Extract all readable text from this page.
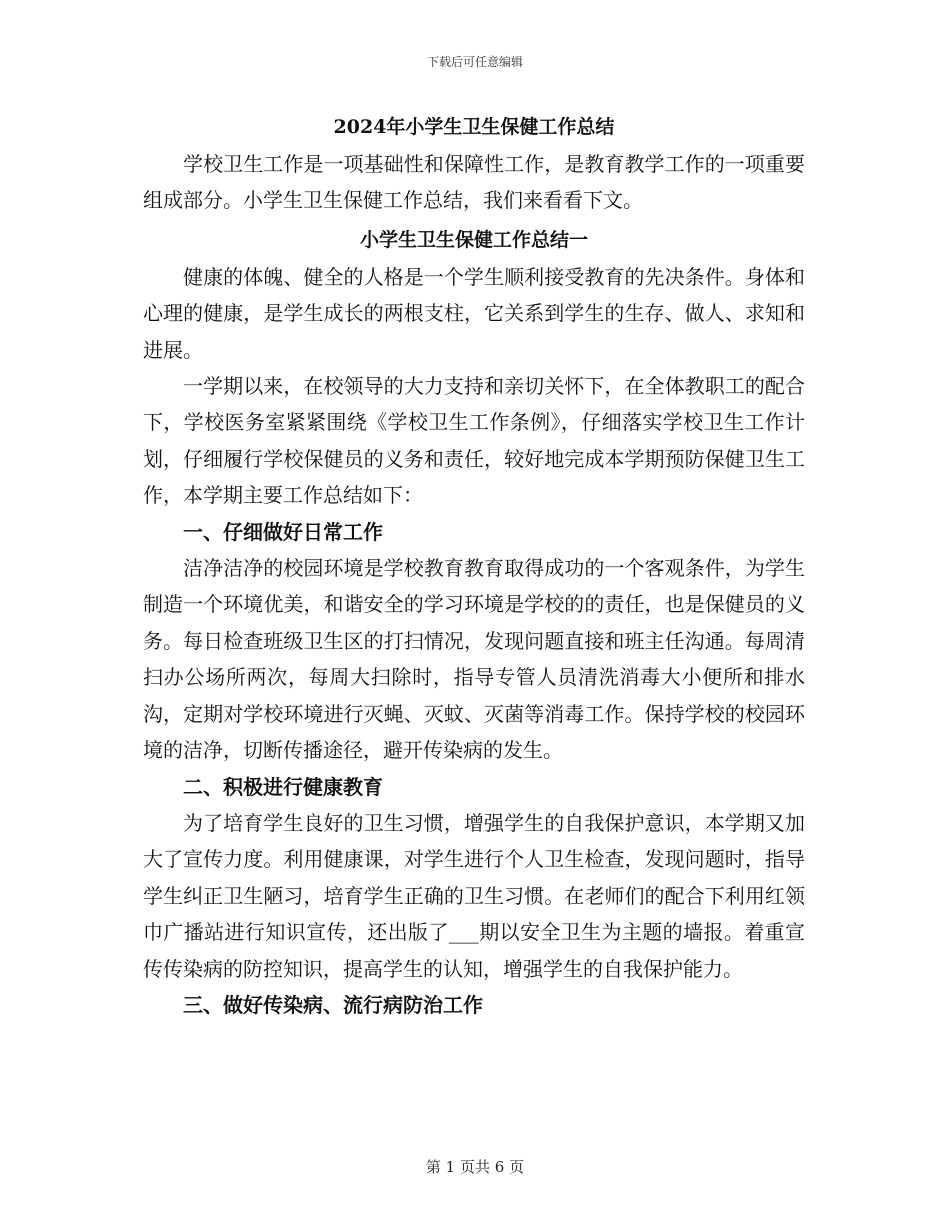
下载后可任意编辑

2024年小学生卫生保健工作总结

学校卫生工作是一项基础性和保障性工作，是教育教学工作的一项重要组成部分。小学生卫生保健工作总结，我们来看看下文。

小学生卫生保健工作总结一

健康的体魄、健全的人格是一个学生顺利接受教育的先决条件。身体和心理的健康，是学生成长的两根支柱，它关系到学生的生存、做人、求知和进展。

一学期以来，在校领导的大力支持和亲切关怀下，在全体教职工的配合下，学校医务室紧紧围绕《学校卫生工作条例》，仔细落实学校卫生工作计划，仔细履行学校保健员的义务和责任，较好地完成本学期预防保健卫生工作，本学期主要工作总结如下：

一、仔细做好日常工作

洁净洁净的校园环境是学校教育教育取得成功的一个客观条件，为学生制造一个环境优美，和谐安全的学习环境是学校的的责任，也是保健员的义务。每日检查班级卫生区的打扫情况，发现问题直接和班主任沟通。每周清扫办公场所两次，每周大扫除时，指导专管人员清洗消毒大小便所和排水沟，定期对学校环境进行灭蝇、灭蚊、灭菌等消毒工作。保持学校的校园环境的洁净，切断传播途径，避开传染病的发生。

二、积极进行健康教育

为了培育学生良好的卫生习惯，增强学生的自我保护意识，本学期又加大了宣传力度。利用健康课，对学生进行个人卫生检查，发现问题时，指导学生纠正卫生陋习，培育学生正确的卫生习惯。在老师们的配合下利用红领巾广播站进行知识宣传，还出版了___期以安全卫生为主题的墙报。着重宣传传染病的防控知识，提高学生的认知，增强学生的自我保护能力。

三、做好传染病、流行病防治工作

第 1 页共 6 页
